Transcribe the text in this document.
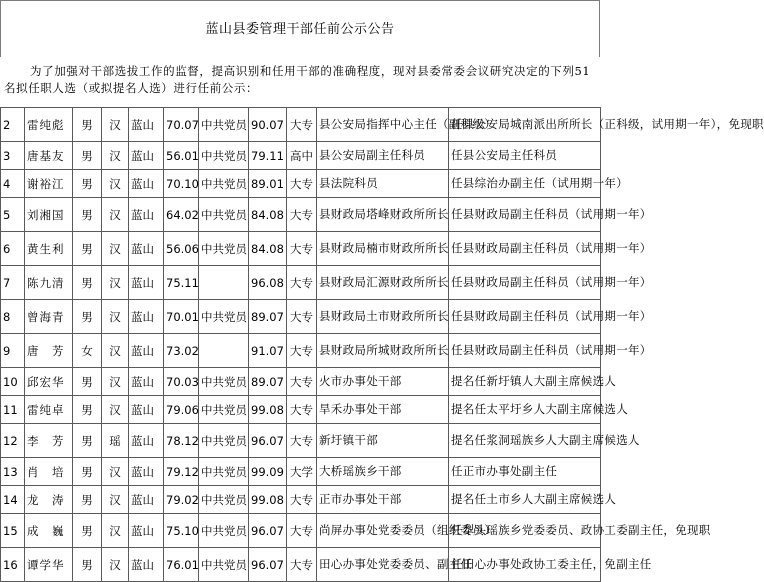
蓝山县委管理干部任前公示公告
为了加强对干部选拔工作的监督，提高识别和任用干部的准确程度，现对县委常委会议研究决定的下列51名拟任职人选（或拟提名人选）进行任前公示：
2	雷纯彪	男	汉	蓝山	70.07	中共党员	90.07	大专	县公安局指挥中心主任（副科级）	任县公安局城南派出所所长（正科级，试用期一年），免现职
3	唐基友	男	汉	蓝山	56.01	中共党员	79.11	高中	县公安局副主任科员	任县公安局主任科员
4	谢裕江	男	汉	蓝山	70.10	中共党员	89.01	大专	县法院科员	任县综治办副主任（试用期一年）
5	刘湘国	男	汉	蓝山	64.02	中共党员	84.08	大专	县财政局塔峰财政所所长	任县财政局副主任科员（试用期一年）
6	黄生利	男	汉	蓝山	56.06	中共党员	84.08	大专	县财政局楠市财政所所长	任县财政局副主任科员（试用期一年）
7	陈九清	男	汉	蓝山	75.11		96.08	大专	县财政局汇源财政所所长	任县财政局副主任科员（试用期一年）
8	曾海青	男	汉	蓝山	70.01	中共党员	89.07	大专	县财政局土市财政所所长	任县财政局副主任科员（试用期一年）
9	唐　芳	女	汉	蓝山	73.02		91.07	大专	县财政局所城财政所所长	任县财政局副主任科员（试用期一年）
10	邱宏华	男	汉	蓝山	70.03	中共党员	89.07	大专	火市办事处干部	提名任新圩镇人大副主席候选人
11	雷纯卓	男	汉	蓝山	79.06	中共党员	99.08	大专	旱禾办事处干部	提名任太平圩乡人大副主席候选人
12	李　芳	男	瑶	蓝山	78.12	中共党员	96.07	大专	新圩镇干部	提名任浆洞瑶族乡人大副主席候选人
13	肖　培	男	汉	蓝山	79.12	中共党员	99.09	大学	大桥瑶族乡干部	任正市办事处副主任
14	龙　涛	男	汉	蓝山	79.02	中共党员	99.08	大专	正市办事处干部	提名任土市乡人大副主席候选人
15	成　巍	男	汉	蓝山	75.10	中共党员	96.07	大专	尚屏办事处党委委员（组织委员）	任犁头瑶族乡党委委员、政协工委副主任，免现职
16	谭学华	男	汉	蓝山	76.01	中共党员	96.07	大专	田心办事处党委委员、副主任	任田心办事处政协工委主任，免副主任
